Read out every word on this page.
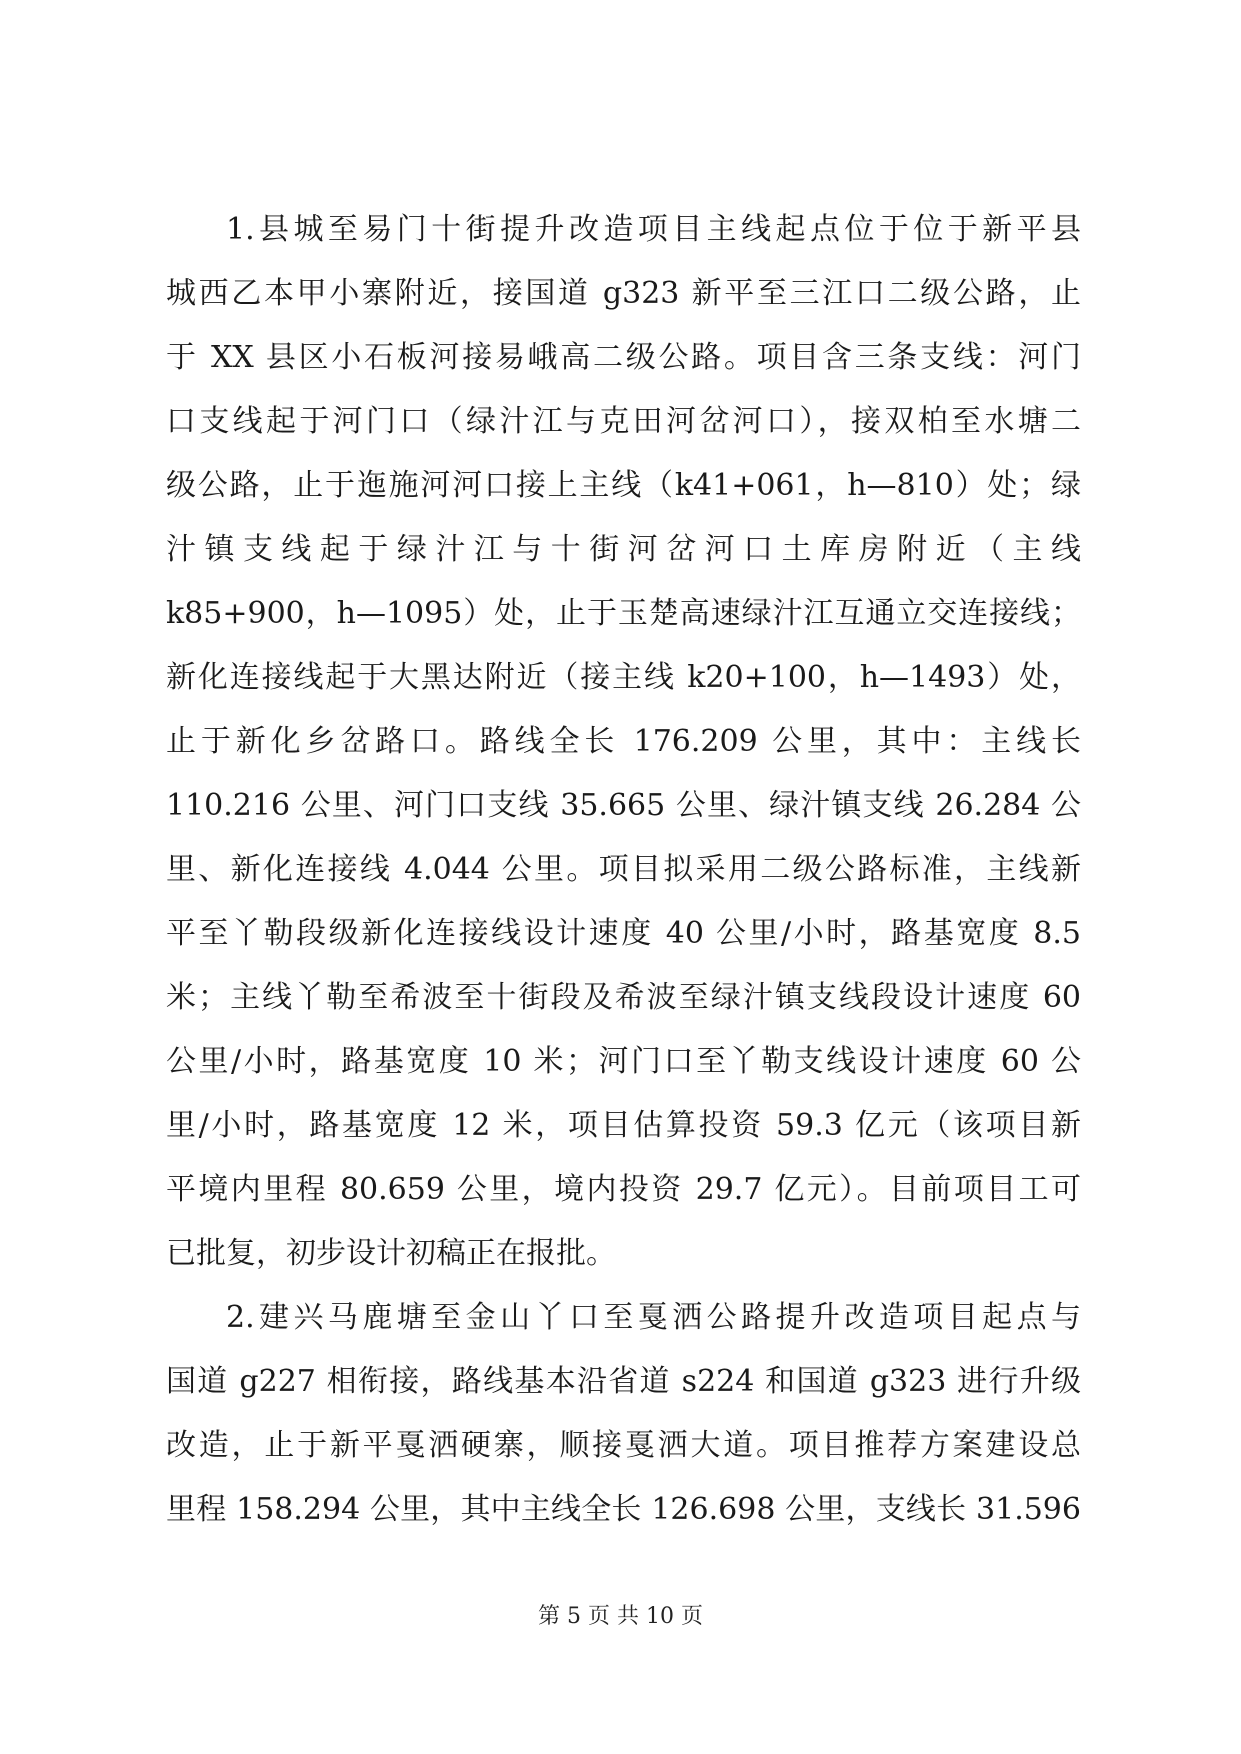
1.县城至易门十街提升改造项目主线起点位于位于新平县
城西乙本甲小寨附近，接国道 g323 新平至三江口二级公路，止
于 XX 县区小石板河接易峨高二级公路。项目含三条支线：河门
口支线起于河门口（绿汁江与克田河岔河口），接双柏至水塘二
级公路，止于迤施河河口接上主线（k41+061，h—810）处；绿
汁镇支线起于绿汁江与十街河岔河口土库房附近（主线
k85+900，h—1095）处，止于玉楚高速绿汁江互通立交连接线；
新化连接线起于大黑达附近（接主线 k20+100，h—1493）处，
止于新化乡岔路口。路线全长 176.209 公里，其中：主线长
110.216 公里、河门口支线 35.665 公里、绿汁镇支线 26.284 公
里、新化连接线 4.044 公里。项目拟采用二级公路标准，主线新
平至丫勒段级新化连接线设计速度 40 公里/小时，路基宽度 8.5
米；主线丫勒至希波至十街段及希波至绿汁镇支线段设计速度 60
公里/小时，路基宽度 10 米；河门口至丫勒支线设计速度 60 公
里/小时，路基宽度 12 米，项目估算投资 59.3 亿元（该项目新
平境内里程 80.659 公里，境内投资 29.7 亿元）。目前项目工可
已批复，初步设计初稿正在报批。
2.建兴马鹿塘至金山丫口至戛洒公路提升改造项目起点与
国道 g227 相衔接，路线基本沿省道 s224 和国道 g323 进行升级
改造，止于新平戛洒硬寨，顺接戛洒大道。项目推荐方案建设总
里程 158.294 公里，其中主线全长 126.698 公里，支线长 31.596
第 5 页 共 10 页
